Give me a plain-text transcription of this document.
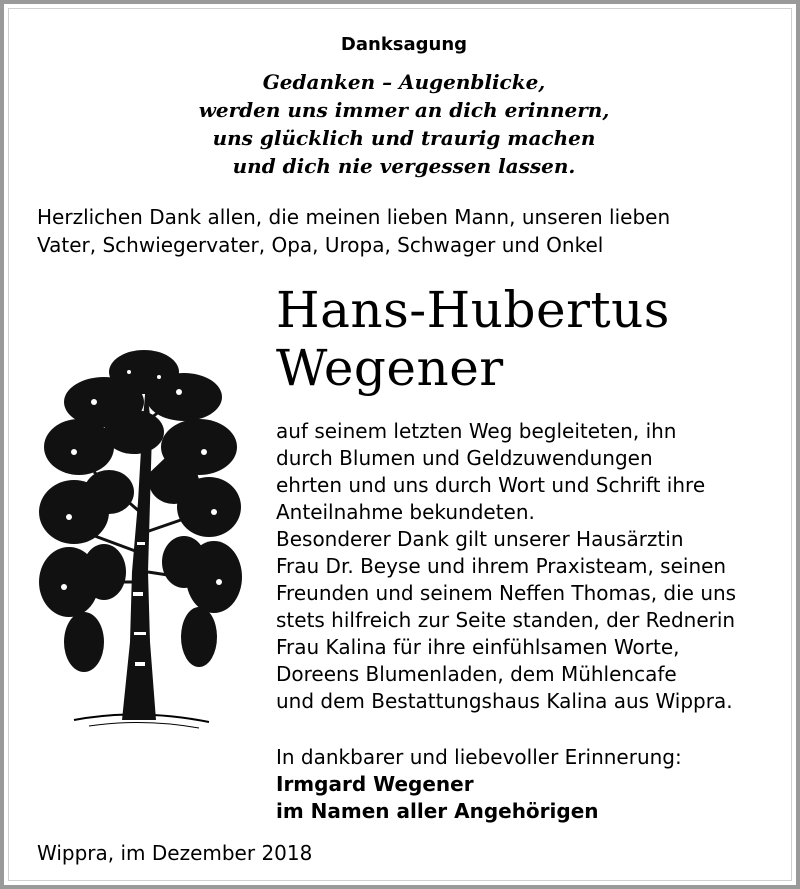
Danksagung
Gedanken – Augenblicke,
werden uns immer an dich erinnern,
uns glücklich und traurig machen
und dich nie vergessen lassen.
Herzlichen Dank allen, die meinen lieben Mann, unseren lieben
Vater, Schwiegervater, Opa, Uropa, Schwager und Onkel
Hans-Hubertus
Wegener
auf seinem letzten Weg begleiteten, ihn
durch Blumen und Geldzuwendungen
ehrten und uns durch Wort und Schrift ihre
Anteilnahme bekundeten.
Besonderer Dank gilt unserer Hausärztin
Frau Dr. Beyse und ihrem Praxisteam, seinen
Freunden und seinem Neffen Thomas, die uns
stets hilfreich zur Seite standen, der Rednerin
Frau Kalina für ihre einfühlsamen Worte,
Doreens Blumenladen, dem Mühlencafe
und dem Bestattungshaus Kalina aus Wippra.
In dankbarer und liebevoller Erinnerung:
Irmgard Wegener
im Namen aller Angehörigen
Wippra, im Dezember 2018
